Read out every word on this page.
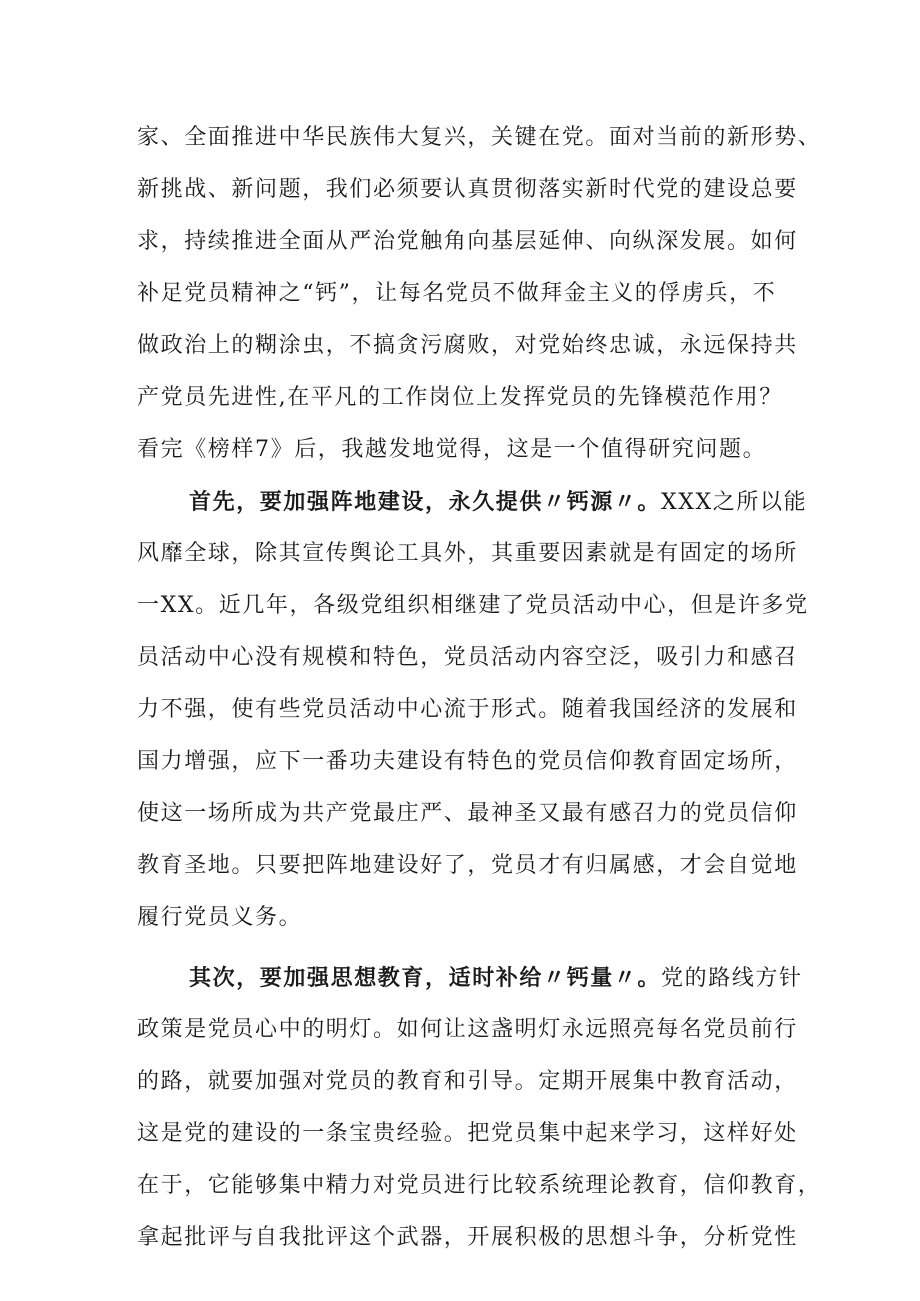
家、全面推进中华民族伟大复兴，关键在党。面对当前的新形势、
新挑战、新问题，我们必须要认真贯彻落实新时代党的建设总要
求，持续推进全面从严治党触角向基层延伸、向纵深发展。如何
补足党员精神之“钙”，让每名党员不做拜金主义的俘虏兵，不
做政治上的糊涂虫，不搞贪污腐败，对党始终忠诚，永远保持共
产党员先进性,在平凡的工作岗位上发挥党员的先锋模范作用？
看完《榜样7》后，我越发地觉得，这是一个值得研究问题。
首先，要加强阵地建设，永久提供〃钙源〃。XXX之所以能
风靡全球，除其宣传舆论工具外，其重要因素就是有固定的场所
一XX。近几年，各级党组织相继建了党员活动中心，但是许多党
员活动中心没有规模和特色，党员活动内容空泛，吸引力和感召
力不强，使有些党员活动中心流于形式。随着我国经济的发展和
国力增强，应下一番功夫建设有特色的党员信仰教育固定场所，
使这一场所成为共产党最庄严、最神圣又最有感召力的党员信仰
教育圣地。只要把阵地建设好了，党员才有归属感，才会自觉地
履行党员义务。
其次，要加强思想教育，适时补给〃钙量〃。党的路线方针
政策是党员心中的明灯。如何让这盏明灯永远照亮每名党员前行
的路，就要加强对党员的教育和引导。定期开展集中教育活动，
这是党的建设的一条宝贵经验。把党员集中起来学习，这样好处
在于，它能够集中精力对党员进行比较系统理论教育，信仰教育，
拿起批评与自我批评这个武器，开展积极的思想斗争，分析党性
